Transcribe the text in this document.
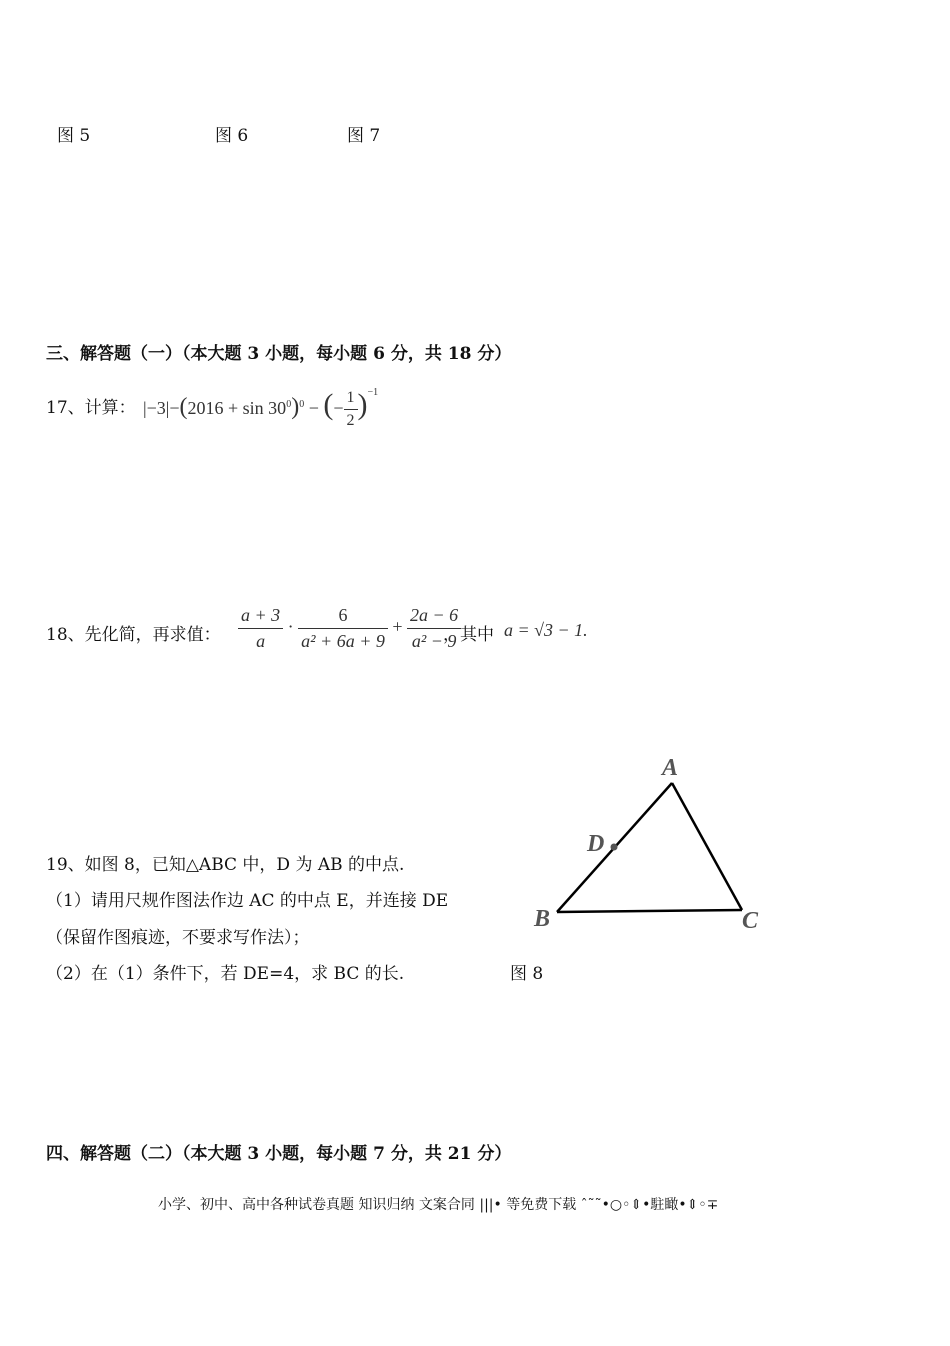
图 5	图 6	图 7
三、解答题（一）（本大题 3 小题，每小题 6 分，共 18 分）
17、计算： $|-3|-(2016 + \sin 30^0)^0$ − (− $\frac{1}{2} )^{-1}$
18、先化简，再求值： $\frac{a + 3}{a} \cdot \frac{6}{\text{a² + 6a + 9}} + \frac{2a - 6}{\text{a² − 9}}$
，其中 a = √3 − 1.
19、如图 8，已知△ABC 中，D 为 AB 的中点.
（1）请用尺规作图法作边 AC 的中点 E，并连接 DE
（保留作图痕迹，不要求写作法）；
（2）在（1）条件下，若 DE=4，求 BC 的长.	图 8
A
D
B	C
四、解答题（二）（本大题 3 小题，每小题 7 分，共 21 分）
小学、初中、高中各种试卷真题 知识归纳 文案合同 |||• 等免费下载 ˆ˜˜•○◦⇕•駐瞰•⇕◦∓
